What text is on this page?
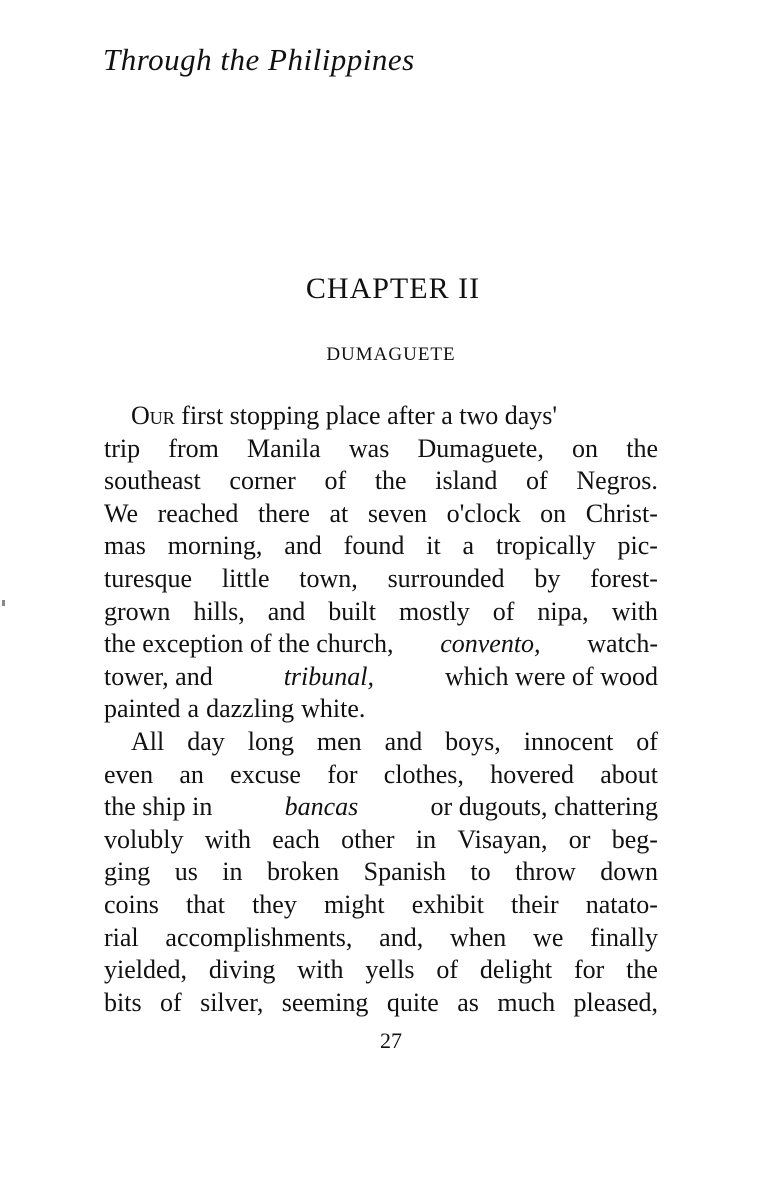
Through the Philippines
CHAPTER II
DUMAGUETE
Our first stopping place after a two days'
trip from Manila was Dumaguete, on the
southeast corner of the island of Negros.
We reached there at seven o'clock on Christ-
mas morning, and found it a tropically pic-
turesque little town, surrounded by forest-
grown hills, and built mostly of nipa, with
the exception of the church, convento, watch-
tower, and	tribunal,	which were of wood
painted a dazzling white.
All day long men and boys, innocent of
even an excuse for clothes, hovered about
the ship in	bancas	or dugouts, chattering
volubly with each other in Visayan, or beg-
ging us in broken Spanish to throw down
coins that they might exhibit their natato-
rial accomplishments, and, when we finally
yielded, diving with yells of delight for the
bits of silver, seeming quite as much pleased,
27
